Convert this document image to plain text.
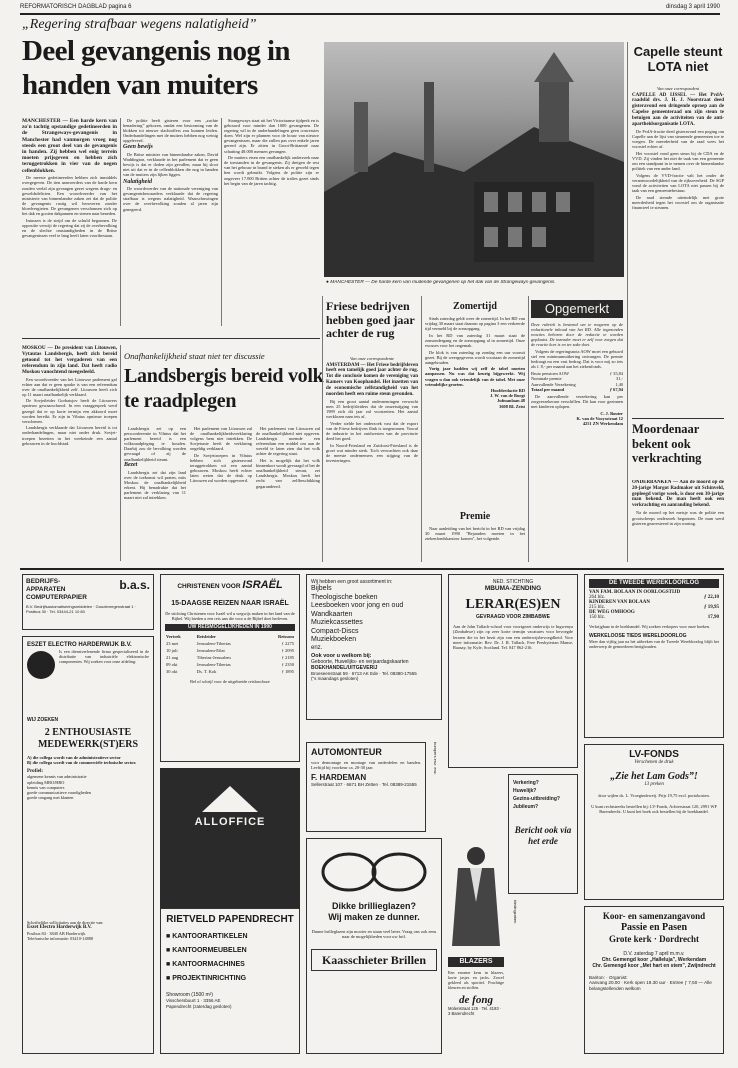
REFORMATORISCH DAGBLAD pagina 6	dinsdag 3 april 1990
„Regering strafbaar wegens nalatigheid”
Deel gevangenis nog in handen van muiters

MANCHESTER — Een harde kern van zo'n tachtig opstandige gedetineerden in de Strangeways-gevangenis in Manchester had vanmorgen vroeg nog steeds een groot deel van de gevangenis in handen. Zij hebben wel enig terrein moeten prijsgeven en hebben zich teruggetrokken in vier van de negen cellenblokken.

De meeste gedetineerden hebben zich inmiddels overgegeven. De tien aanvoerders van de harde kern zouden veelal zijn gevangen gezet wegens drugs- en geweldsdelicten. Een woordvoerder van het ministerie van binnenlandse zaken zei dat de politie de gevangenis rustig wil heroveren zonder bloedvergieten. De gevangenen verschansen zich op het dak en gooien dakpannen en stenen naar beneden.

Intussen is de strijd om de schuld begonnen. De oppositie verwijt de regering dat zij de overbevolking en de slechte omstandigheden in de Britse gevangenissen veel te lang heeft laten voortbestaan.

De politie heeft gisteren voor een „zachte benadering” gekozen, omdat een bestorming van de blokken tot nieuwe slachtoffers zou kunnen leiden. Onderhandelingen met de muiters hebben nog weinig opgeleverd.

Geen bewijs

De Britse minister van binnenlandse zaken, David Waddington, verklaarde in het parlement dat er geen bewijs is dat er doden zijn gevallen, maar hij sloot niet uit dat er in de cellenblokken die nog in handen van de muiters zijn lijken liggen.

Nalatigheid

De woordvoerder van de nationale vereniging van gevangenisbewaarders verklaarde dat de regering strafbaar is wegens nalatigheid. Waarschuwingen over de overbevolking zouden al jaren zijn genegeerd.

Strangeways staat uit het Victoriaanse tijdperk en is gebouwd voor minder dan 1000 gevangenen. De regering wil in de onderhandelingen geen concessies doen. Wel zijn er plannen voor de bouw van nieuwe gevangenissen, maar die zullen pas over enkele jaren gereed zijn. Er zitten in Groot-Brittannië naar schatting 48.000 mensen gevangen.

De muiters eisen een onafhankelijk onderzoek naar de toestanden in de gevangenis. Zij dreigen de rest van het gebouw in brand te steken als er geweld tegen hen wordt gebruikt. Volgens de politie zijn er ongeveer 17.000 Britten achter de tralies gezet sinds het begin van de jaren tachtig.

● MANCHESTER — De harde kern van muitende gevangenen op het dak van de Strangeways-gevangenis.
Capelle steunt LOTA niet

Van onze correspondent

CAPELLE AD IJSSEL — Het PvdA-raadslid drs. J. H. J. Noorstraat deed gisteravond een dringende oproep aan de Capelse gemeenteraad om zijn steun te betuigen aan de activiteiten van de anti-apartheidsorganisatie LOTA.

De PvdA-fractie deed gisteravond een poging om Capelle aan de lijst van steunende gemeenten toe te voegen. De meerderheid van de raad wees het voorstel echter af.

Het voorstel vond geen steun bij de CDA en de VVD. Zij vinden het niet de taak van een gemeente om een standpunt in te nemen over de binnenlandse politiek van een ander land.

Volgens de VVD-fractie valt het onder de verantwoordelijkheid van de rijksoverheid. De SGP vond de activiteiten van LOTA niet passen bij de taak van een gemeentebestuur.

De raad stemde uiteindelijk met grote meerderheid tegen het voorstel om de organisatie financieel te steunen.

Moordenaar bekent ook verkrachting

ONDERBANKEN — Aan de moord op de 20-jarige Margot Radmaker uit Schinveld, gepleegd vorige week, is door een 30-jarige man bekend. De man heeft ook een verkrachting en aanranding bekend.

Na de moord op het meisje was de politie een grootscheeps onderzoek begonnen. De man werd gisteren gearresteerd in zijn woning.

MOSKOU — De president van Litouwen, Vytautas Landsbergis, heeft zich bereid getoond tot het vergaderen van een referendum in zijn land. Dat heeft radio Moskou vanochtend meegedeeld.

Een woordvoerder van het Litouwse parlement gaf echter aan dat er geen sprake is van een referendum over de onafhankelijkheid zelf. Litouwen heeft zich op 11 maart onafhankelijk verklaard.

De Sovjetleider Gorbatsjov heeft de Litouwers opnieuw gewaarschuwd. In een vraaggesprek werd gezegd dat er op korte termijn een akkoord moet worden bereikt. Er zijn in Vilnius opnieuw troepen verschenen.

Landsbergis verklaarde dat Litouwen bereid is tot onderhandelingen, maar niet onder druk. Sovjet-troepen bezetten in het weekeinde een aantal gebouwen in de hoofdstad.

Onafhankelijkheid staat niet ter discussie
Landsbergis bereid volk te raadplegen

Landsbergis zei op een persconferentie in Vilnius dat het parlement bereid is een volksraadpleging te houden. Daarbij zou de bevolking worden gevraagd of zij de onafhankelijkheid steunt.

Bezet

Landsbergis zei dat zijn land over de toekomst wil praten, mits Moskou de onafhankelijkheid erkent. Hij benadrukte dat het parlement de verklaring van 11 maart niet zal intrekken.

Het parlement van Litouwen zal de onafhankelijkheidsverklaring volgens hem niet intrekken. De Sovjetunie heeft de verklaring ongeldig verklaard.

De Sovjettroepen in Vilnius hebben zich gisteravond teruggetrokken uit een aantal gebouwen. Moskou heeft echter laten weten dat de druk op Litouwen zal worden opgevoerd.

Het parlement van Litouwen zal de onafhankelijkheid niet opgeven. Landsbergis noemde een referendum een middel om aan de wereld te laten zien dat het volk achter de regering staat.

Het is mogelijk dat het volk binnenkort wordt gevraagd of het de onafhankelijkheid steunt, zei Landsbergis. Moskou heeft het recht van zelfbeschikking gegarandeerd.

Friese bedrijven hebben goed jaar achter de rug

Van onze correspondente

AMSTERDAM — Het Friese bedrijfsleven heeft een tamelijk goed jaar achter de rug. Tot die conclusie komen de vereniging van Kamers van Koophandel. Het inzetten van de economische zelfstandigheid van het noorden heeft een ruime steun gevonden.

Bij een groot aantal ondernemingen verwacht men 25 bedrijfsleiders dat de omzetstijging van 1989 zich dit jaar zal voortzetten. Het aantal werklozen nam iets af.

Verder stelde het onderzoek vast dat de export van de Friese bedrijven flink is toegenomen. Vooral de industrie in het zuidwesten van de provincie deed het goed.

In Noord-Friesland en Zuidoost-Friesland is de groei wat minder sterk. Toch verwachten ook daar de meeste ondernemers een stijging van de investeringen.

Zomertijd

Sinds zaterdag geldt weer de zomertijd. In het RD van vrijdag 30 maart staat daarom op pagina 3 een verkeerde tijd vermeld bij de zonsopgang.

In het RD van zaterdag 31 maart staat de zonsondergang en de zonsopgang al in zomertijd. Onze excuses voor het ongemak.

De klok is van zaterdag op zondag een uur vooruit gezet. Bij de weergegevens wordt voortaan de zomertijd aangehouden.

Vorig jaar hadden wij zelf de tabel moeten aanpassen. Nu was dat keurig bijgewerkt. Wij vragen u dan ook vriendelijk van de tabel. Met onze vriendelijke groeten.

Hoofdredactie RD

J. W. van de Burgt

Jufmanlaan 48

3608 BL Zeist

Premie

Naar aanleiding van het bericht in het RD van vrijdag 30 maart 1990 "Bejaarden moeten in het ziekenfondskantoor komen", het volgende.

Opgemerkt

Deze rubriek is bestemd om te reageren op de redactionele inhoud van het RD. Alle ingezonden reacties behoren door de redactie te worden geplaatst. De inzender moet er zelf voor zorgen dat de reactie kort is en ter zake doet.

Volgens de regeringsnota AOW moet een gehuwd stel een minimumuitkering ontvangen. De premie bedraagt nu een vast bedrag. Dat is voor mij zo iets als f. 8,- per maand aan het ziekenfonds.

Bruto pensioen AOW	ƒ 35,84
Nominale premie	31,-
Aanvullende Verzekering	1,40
Totaal per maand	ƒ 67,94

De aanvullende verzekering kan per zorgverzekeraar verschillen. Dit kan voor gezinnen met kinderen oplopen.

C. J. Bouter

K. van de Vooysstraat 12

4251 ZN Werkendam

b.a.s.
BEDRIJFS-
APPARATEN
COMPUTERPAPIER
B.V. Bedrijfsautomatiseringsmiddelen · Goudenregenstraat 1 · Postbus 30 · Tel. 03444-21 10 80
ESZET ELECTRO HARDERWIJK B.V.
Is een dienstverlenende firma gespecialiseerd in de distributie van industriële elektronische componenten. Wij zoeken voor onze afdeling:
WIJ ZOEKEN
2 ENTHOUSIASTE MEDEWERK(ST)ERS
A) die collega wordt van de administratieve sector
B) die collega wordt van de commerciële technische sector.
Profiel:
algemene kennis van administratie
opleiding MBO/HBO
kennis van computers
goede communicatieve vaardigheden
goede omgang met klanten
Schriftelijke sollicitaties aan de directie van:
Eszet Electro Harderwijk B.V.
Postbus 84 · 3840 AB Harderwijk
Telefonische informatie: 03410-14888
CHRISTENEN VOOR ISRAËL
15-DAAGSE REIZEN NAAR ISRAËL
De stichting Christenen voor Israël wil u wegwijs maken in het land van de Bijbel. Wij bieden u een reis aan die voor u de Bijbel doet herleven.
UW REISMOGELIJKHEDEN IN 1990
Vertrek	Reisleider	Reissom
23 mei	Jerusalem-Tiberias	ƒ 2275
10 juli	Jerusalem-Eilat	ƒ 2095
21 aug	Tiberias-Jerusalem	ƒ 2185
09 okt	Jerusalem-Tiberias	ƒ 2350
30 okt	Ds. T. Kok	ƒ 1895
Bel of schrijf voor de uitgebreide reisbrochure
ALLOFFICE
RIETVELD PAPENDRECHT
■ KANTOORARTIKELEN
■ KANTOORMEUBELEN
■ KANTOORMACHINES
■ PROJEKTINRICHTING
Showroom (1500 m²)
Visschersbuurt 1 · 3356 AE Papendrecht (zaterdag gesloten)
Wij hebben een groot assortiment in:
Bijbels
Theologische boeken
Leesboeken voor jong en oud
Wandkaarten
Muziekcassettes
Compact-Discs
Muziekboeken
enz.
Ook voor u welkom bij:
Geboorte, Huwelijks- en verjaardagskaarten
BOEKHANDEL/UITGEVERIJ
Broeseenstraat 59 · 6713 AK Ede · Tel. 08380-17555
("s maandags gesloten)
AUTOMONTEUR
voor demontage en montage van onderdelen en banden. Leeftijd bij voorkeur ca. 20-30 jaar.
F. HARDEMAN
Sellerstraat 107 · 6671 BH Zetten · Tel. 08389-21555
bumpers enz. enz.
Dikke brillieglazen?
Wij maken ze dunner.
Dunne brilleglazen zijn mooier en staan veel beter. Vraag ons ook eens naar de mogelijkheden voor uw bril.
Kaasschieter Brillen
NED. STICHTING
MBUMA-ZENDING
LERAR(ES)EN
GEVRAAGD VOOR ZIMBABWE
Aan de John Tallach-school voor voortgezet onderwijs te Ingwenya (Zimbabwe) zijn op zeer korte termijn vacatures voor bevoegde leraren die in het bezit zijn van een onderwijsbevoegdheid. Voor meer informatie: Rev. Dr. J. R. Tallach, Free Presbyterian Manse, Raasay, by Kyle, Scotland. Tel. 047 862-216.
Verkering?
Huwelijk?
Gezins-uitbreiding?
Jubileum?
Bericht ook via het erde
BLAZERS
Een enorme keus in blazers, korte jasjes en jacks. Zowel gekleed als sportief. Prachtige kleuren en stoffen.
de fong
Molenstraat 125 · Tel. 4193 · 3 Barendrecht
kledingzaken
DE TWEEDE WEREKLOORLOG
VAN FAM. BOLAAN IN OORLOGSTIJD
264 blz.	ƒ 22,10
KINDEREN VAN BOLAAN
215 blz.	ƒ 19,95
DE WEG OMHOOG
150 blz.	17,90
Verkrijgbaar in de boekhandel. Wij zoeken verkopers voor onze boeken.
WERKELOOSE TIEDS WERELDOORLOG
Meer dan vijftig jaar na het uitbreken van de Tweede Wereldoorlog blijft het onderwerp de gemoederen bezighouden.
LV-FONDS
Verschenen de druk
„Zie het Lam Gods”!
13 preken
door wijlen ds. L. Vroegindeweij. Prijs 19,75 excl. portokosten.
U kunt rechtstreeks bestellen bij: LV-Fonds, Achterstraat 120, 2991 WF Barendrecht. U kunt het boek ook bestellen bij de boekhandel.
Koor- en samenzangavond
Passie en Pasen
Grote kerk · Dordrecht
D.V. zaterdag 7 april m.m.v.
Chr. Gemengd koor „Halleluja”, Werkendam
Chr. Gemengd koor „Met hart en stem”, Zwijndrecht
Bariton: · Organist:
Aanvang 20.00 · Kerk open 19.30 uur · Entree ƒ 7,50 — Alle belangstellenden welkom
